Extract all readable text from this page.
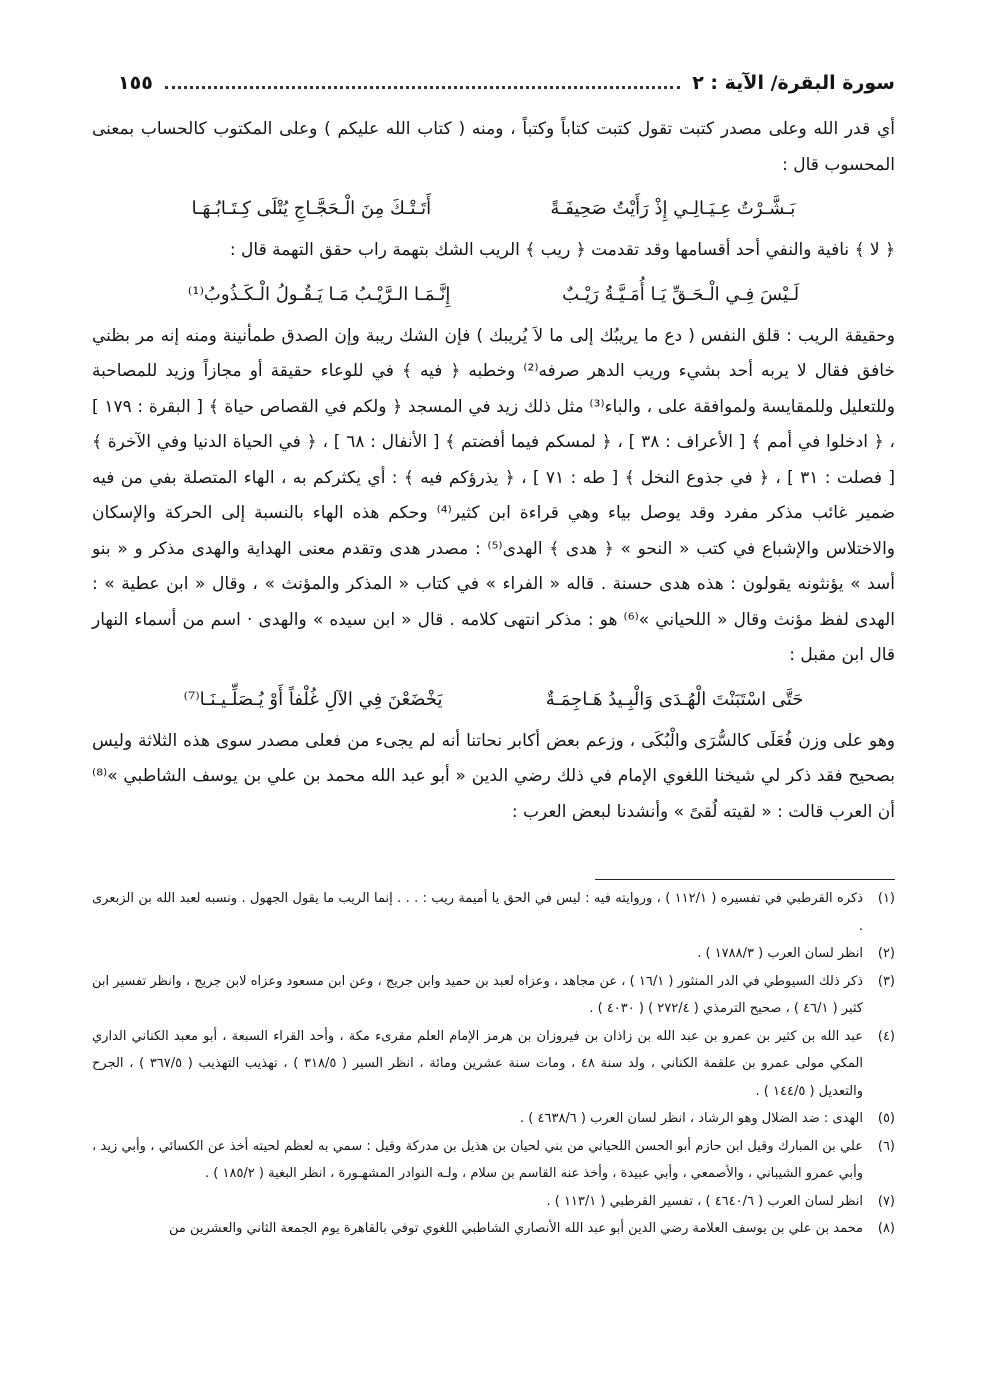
سورة البقرة/ الآية : ٢
١٥٥

أي قدر الله وعلى مصدر كتبت تقول كتبت كتاباً وكتباً ، ومنه ( كتاب الله عليكم ) وعلى المكتوب كالحساب بمعنى المحسوب قال :

بَـشَّـرْتُ عِـيَـالِـي إِذْ رَأَيْتُ صَحِيفَـةً
أَتَـتْـكَ مِنَ الْـحَجَّـاجِ يُتْلَى كِـتَـابُـهَـا

﴿ لا ﴾ نافية والنفي أحد أقسامها وقد تقدمت ﴿ ريب ﴾ الريب الشك بتهمة راب حقق التهمة قال :

لَـيْسَ فِـي الْـحَـقِّ يَـا أُمَـيَّـةُ رَيْـبٌ
إِنَّـمَـا الـرَّيْـبُ مَـا يَـقُـولُ الْـكَـذُوبُ⁽¹⁾

وحقيقة الريب : قلق النفس ( دع ما يريبُك إلى ما لاَ يُريبك ) فإن الشك ريبة وإن الصدق طمأنينة ومنه إنه مر بظني خافق فقال لا يربه أحد بشيء وريب الدهر صرفه⁽²⁾ وخطبه ﴿ فيه ﴾ في للوعاء حقيقة أو مجازاً وزيد للمصاحبة وللتعليل وللمقايسة ولموافقة على ، والباء⁽³⁾ مثل ذلك زيد في المسجد ﴿ ولكم في القصاص حياة ﴾ [ البقرة : ١٧٩ ] ، ﴿ ادخلوا في أمم ﴾ [ الأعراف : ٣٨ ] ، ﴿ لمسكم فيما أفضتم ﴾ [ الأنفال : ٦٨ ] ، ﴿ في الحياة الدنيا وفي الآخرة ﴾ [ فصلت : ٣١ ] ، ﴿ في جذوع النخل ﴾ [ طه : ٧١ ] ، ﴿ يذرؤكم فيه ﴾ : أي يكثركم به ، الهاء المتصلة بفي من فيه ضمير غائب مذكر مفرد وقد يوصل بياء وهي قراءة ابن كثير⁽⁴⁾ وحكم هذه الهاء بالنسبة إلى الحركة والإسكان والاختلاس والإشباع في كتب « النحو » ﴿ هدى ﴾ الهدى⁽⁵⁾ : مصدر هدى وتقدم معنى الهداية والهدى مذكر و « بنو أسد » يؤنثونه يقولون : هذه هدى حسنة . قاله « الفراء » في كتاب « المذكر والمؤنث » ، وقال « ابن عطية » : الهدى لفظ مؤنث وقال « اللحياني »⁽⁶⁾ هو : مذكر انتهى كلامه . قال « ابن سيده » والهدى · اسم من أسماء النهار قال ابن مقبل :

حَتَّى اسْتَبَنْتَ الْهُـدَى وَالْبِـيدُ هَـاجِمَـةٌ
يَخْضَعْنَ فِي الآلِ غُلْفاً أَوْ يُـصَلِّـيـنَـا⁽⁷⁾

وهو على وزن فُعَلَى كالسُّرَى والْبُكَى ، وزعم بعض أكابر نحاتنا أنه لم يجىء من فعلى مصدر سوى هذه الثلاثة وليس بصحيح فقد ذكر لي شيخنا اللغوي الإمام في ذلك رضي الدين « أبو عبد الله محمد بن علي بن يوسف الشاطبي »⁽⁸⁾ أن العرب قالت : « لقيته لُقىً » وأنشدنا لبعض العرب :

(١)
ذكره القرطبي في تفسيره ( ١١٢/١ ) ، وروايته فيه : ليس في الحق يا أميمة ريب : . . . إنما الريب ما يقول الجهول . ونسبه لعبد الله بن الزبعرى .
(٢)
انظر لسان العرب ( ١٧٨٨/٣ ) .
(٣)
ذكر ذلك السيوطي في الدر المنثور ( ١٦/١ ) ، عن مجاهد ، وعزاه لعبد بن حميد وابن جريج ، وعن ابن مسعود وعزاه لابن جريج ، وانظر تفسير ابن كثير ( ٤٦/١ ) ، صحيح الترمذي ( ٢٧٢/٤ ) ( ٤٠٣٠ ) .
(٤)
عبد الله بن كثير بن عمرو بن عبد الله بن زاذان بن فيروزان بن هرمز الإمام العلم مقرىء مكة ، وأحد القراء السبعة ، أبو معبد الكناني الداري المكي مولى عمرو بن علقمة الكناني ، ولد سنة ٤٨ ، ومات سنة عشرين ومائة ، انظر السير ( ٣١٨/٥ ) ، تهذيب التهذيب ( ٣٦٧/٥ ) ، الجرح والتعديل ( ١٤٤/٥ ) .
(٥)
الهدى : ضد الضلال وهو الرشاد ، انظر لسان العرب ( ٤٦٣٨/٦ ) .
(٦)
علي بن المبارك وقيل ابن حازم أبو الحسن اللحياني من بني لحيان بن هذيل بن مدركة وقيل : سمي به لعظم لحيته أخذ عن الكسائي ، وأبي زيد ، وأبي عمرو الشيباني ، والأصمعي ، وأبي عبيدة ، وأخذ عنه القاسم بن سلام ، ولـه النوادر المشهـورة ، انظر البغية ( ١٨٥/٢ ) .
(٧)
انظر لسان العرب ( ٤٦٤٠/٦ ) ، تفسير القرطبي ( ١١٣/١ ) .
(٨)
محمد بن علي بن يوسف العلامة رضي الدين أبو عبد الله الأنصاري الشاطبي اللغوي توفي بالقاهرة يوم الجمعة الثاني والعشرين من
